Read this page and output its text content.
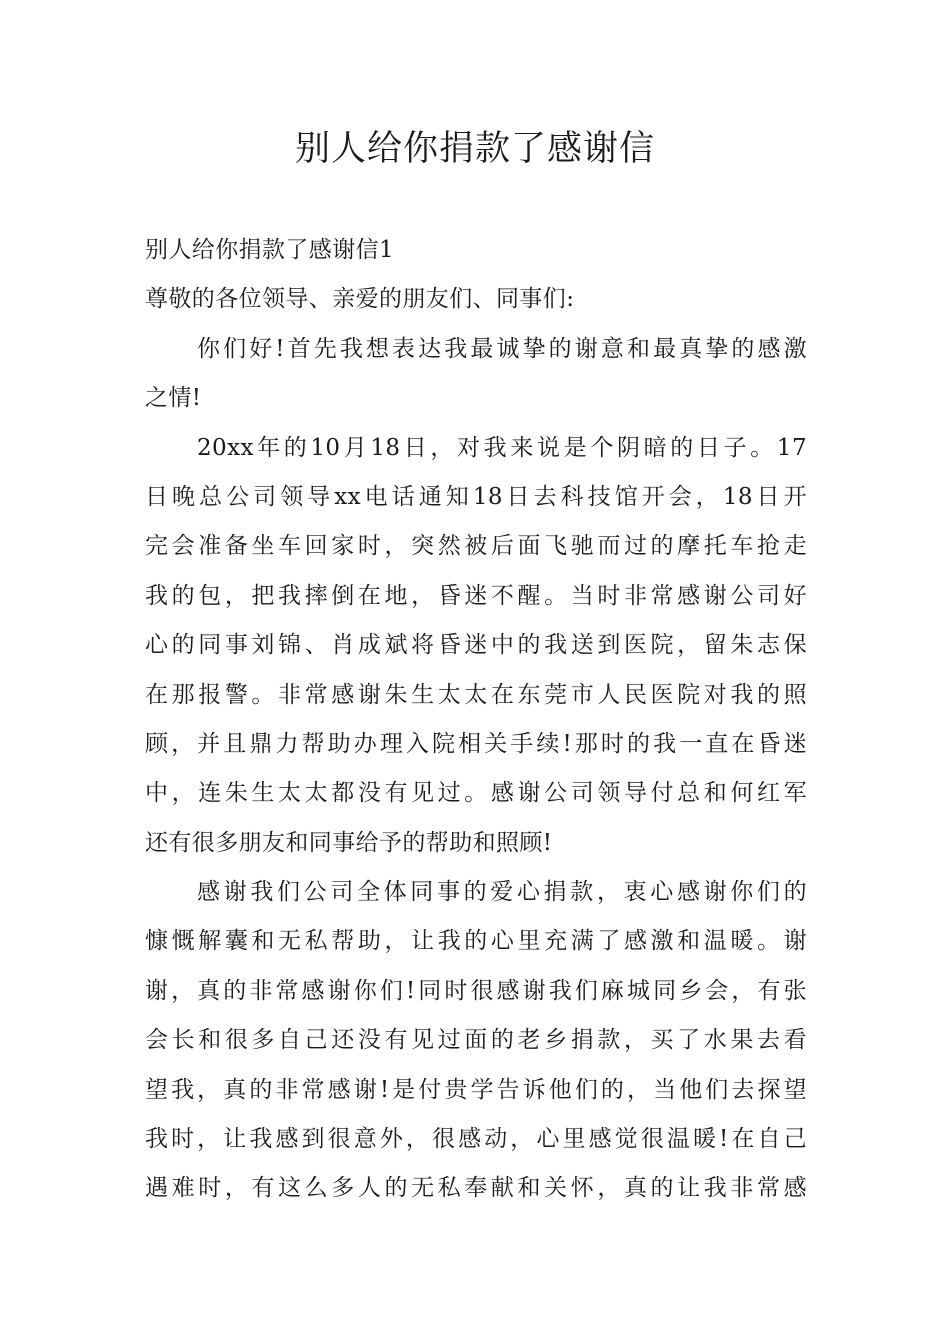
别人给你捐款了感谢信
别人给你捐款了感谢信1
尊敬的各位领导、亲爱的朋友们、同事们:
你们好!首先我想表达我最诚挚的谢意和最真挚的感激
之情!
20xx年的10月18日，对我来说是个阴暗的日子。17
日晚总公司领导xx电话通知18日去科技馆开会，18日开
完会准备坐车回家时，突然被后面飞驰而过的摩托车抢走
我的包，把我摔倒在地，昏迷不醒。当时非常感谢公司好
心的同事刘锦、肖成斌将昏迷中的我送到医院，留朱志保
在那报警。非常感谢朱生太太在东莞市人民医院对我的照
顾，并且鼎力帮助办理入院相关手续!那时的我一直在昏迷
中，连朱生太太都没有见过。感谢公司领导付总和何红军
还有很多朋友和同事给予的帮助和照顾!
感谢我们公司全体同事的爱心捐款，衷心感谢你们的
慷慨解囊和无私帮助，让我的心里充满了感激和温暖。谢
谢，真的非常感谢你们!同时很感谢我们麻城同乡会，有张
会长和很多自己还没有见过面的老乡捐款，买了水果去看
望我，真的非常感谢!是付贵学告诉他们的，当他们去探望
我时，让我感到很意外，很感动，心里感觉很温暖!在自己
遇难时，有这么多人的无私奉献和关怀，真的让我非常感
